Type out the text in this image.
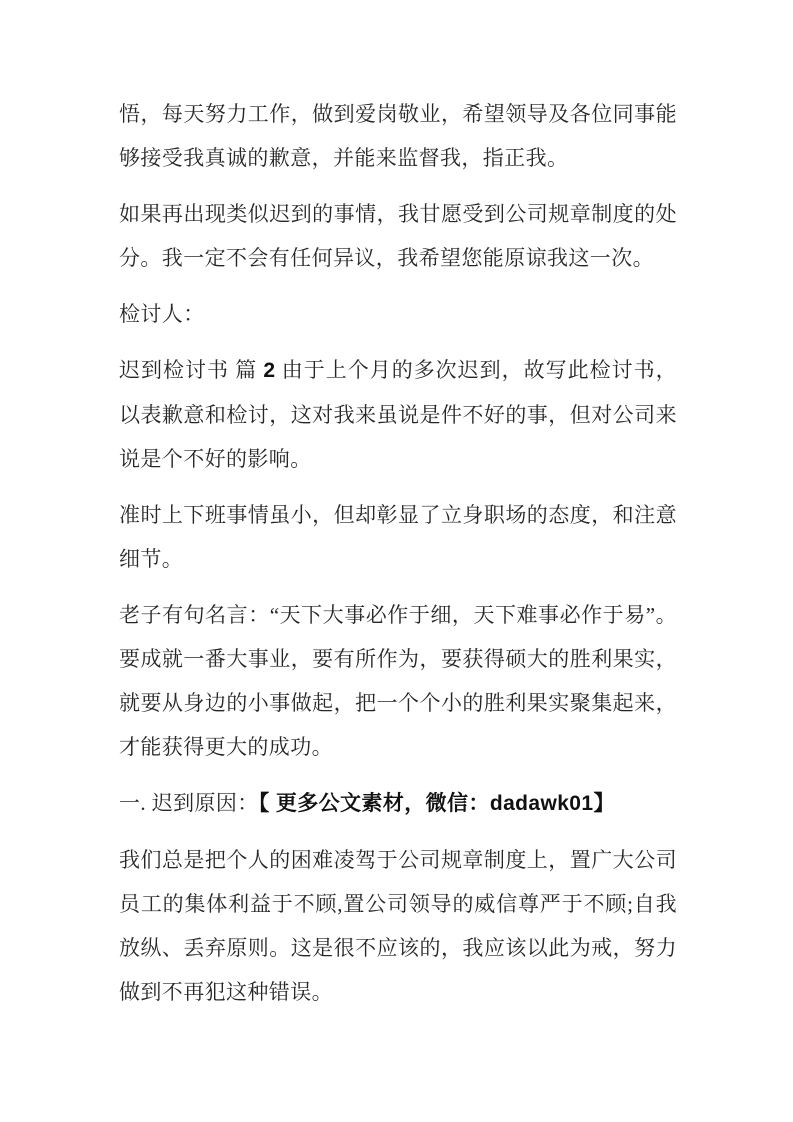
悟，每天努力工作，做到爱岗敬业，希望领导及各位同事能够接受我真诚的歉意，并能来监督我，指正我。

如果再出现类似迟到的事情，我甘愿受到公司规章制度的处分。我一定不会有任何异议，我希望您能原谅我这一次。

检讨人：

迟到检讨书 篇 2 由于上个月的多次迟到，故写此检讨书，以表歉意和检讨，这对我来虽说是件不好的事，但对公司来说是个不好的影响。

准时上下班事情虽小，但却彰显了立身职场的态度，和注意细节。

老子有句名言：“天下大事必作于细，天下难事必作于易”。要成就一番大事业，要有所作为，要获得硕大的胜利果实，就要从身边的小事做起，把一个个小的胜利果实聚集起来，才能获得更大的成功。

一. 迟到原因：【 更多公文素材，微信：dadawk01】

我们总是把个人的困难凌驾于公司规章制度上，置广大公司员工的集体利益于不顾,置公司领导的威信尊严于不顾;自我放纵、丢弃原则。这是很不应该的，我应该以此为戒，努力做到不再犯这种错误。
